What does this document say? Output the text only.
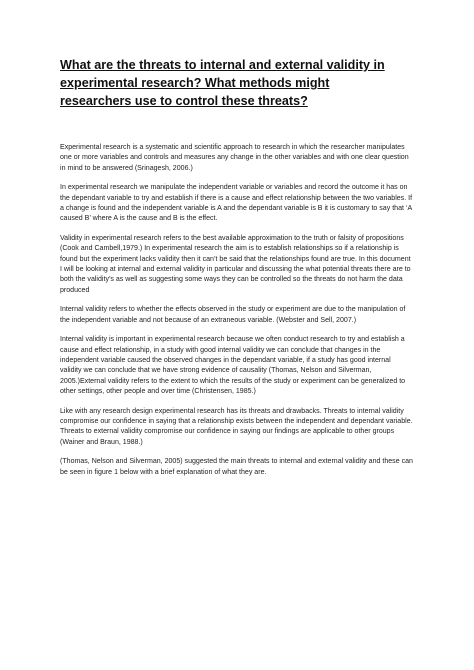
What are the threats to internal and external validity in experimental research? What methods might researchers use to control these threats?

Experimental research is a systematic and scientific approach to research in which the researcher manipulates one or more variables and controls and measures any change in the other variables and with one clear question in mind to be answered (Srinagesh, 2006.)

In experimental research we manipulate the independent variable or variables and record the outcome it has on the dependant variable to try and establish if there is a cause and effect relationship between the two variables. If a change is found and the independent variable is A and the dependant variable is B it is customary to say that ‘A caused B’ where A is the cause and B is the effect.

Validity in experimental research refers to the best available approximation to the truth or falsity of propositions (Cook and Cambell,1979.) In experimental research the aim is to establish relationships so if a relationship is found but the experiment lacks validity then it can’t be said that the relationships found are true. In this document I will be looking at internal and external validity in particular and discussing the what potential threats there are to both the validity’s as well as suggesting some ways they can be controlled so the threats do not harm the data produced

Internal validity refers to whether the effects observed in the study or experiment are due to the manipulation of the independent variable and not because of an extraneous variable. (Webster and Sell, 2007.)

Internal validity is important in experimental research because we often conduct research to try and establish a cause and effect relationship, in a study with good internal validity we can conclude that changes in the independent variable caused the observed changes in the dependant variable, if a study has good internal validity we can conclude that we have strong evidence of causality (Thomas, Nelson and Silverman, 2005.)External validity refers to the extent to which the results of the study or experiment can be generalized to other settings, other people and over time (Christensen, 1985.)

Like with any research design experimental research has its threats and drawbacks. Threats to internal validity compromise our confidence in saying that a relationship exists between the independent and dependant variable. Threats to external validity compromise our confidence in saying our findings are applicable to other groups (Wainer and Braun, 1988.)

(Thomas, Nelson and Silverman, 2005) suggested the main threats to internal and external validity and these can be seen in figure 1 below with a brief explanation of what they are.
